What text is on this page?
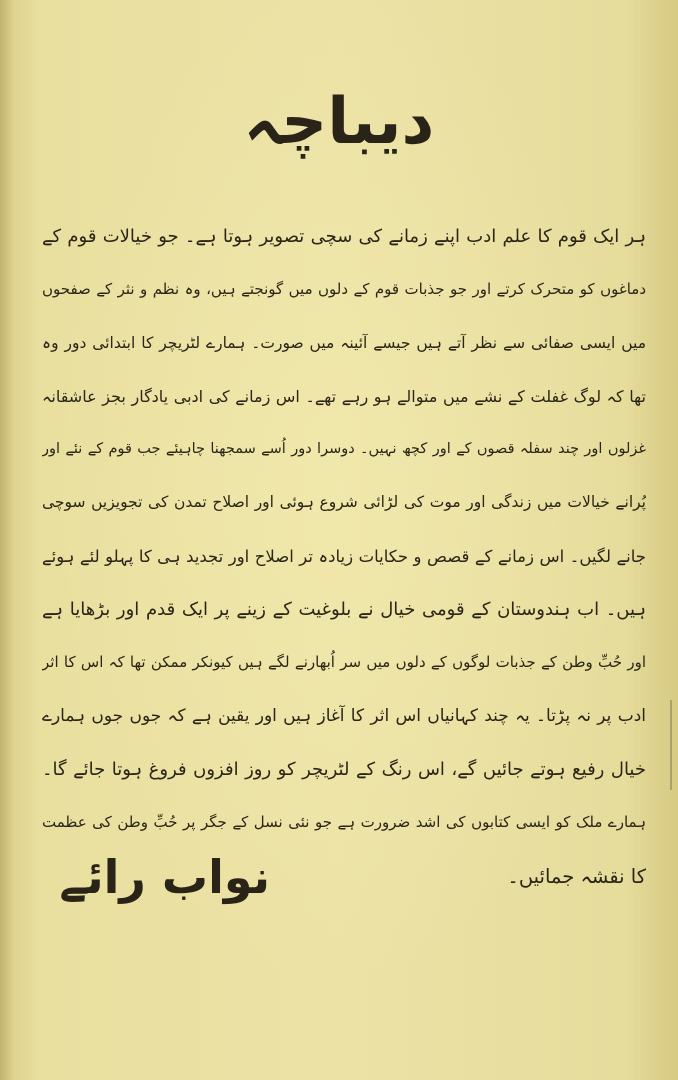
دیباچہ
ہر ایک قوم کا علم ادب اپنے زمانے کی سچی تصویر ہوتا ہے۔ جو خیالات قوم کے
دماغوں کو متحرک کرتے اور جو جذبات قوم کے دلوں میں گونجتے ہیں، وہ نظم و نثر کے صفحوں
میں ایسی صفائی سے نظر آتے ہیں جیسے آئینہ میں صورت۔ ہمارے لٹریچر کا ابتدائی دور وہ
تھا کہ لوگ غفلت کے نشے میں متوالے ہو رہے تھے۔ اس زمانے کی ادبی یادگار بجز عاشقانہ
غزلوں اور چند سفلہ قصوں کے اور کچھ نہیں۔ دوسرا دور اُسے سمجھنا چاہیئے جب قوم کے نئے اور
پُرانے خیالات میں زندگی اور موت کی لڑائی شروع ہوئی اور اصلاح تمدن کی تجویزیں سوچی
جانے لگیں۔ اس زمانے کے قصص و حکایات زیادہ تر اصلاح اور تجدید ہی کا پہلو لئے ہوئے
ہیں۔ اب ہندوستان کے قومی خیال نے بلوغیت کے زینے پر ایک قدم اور بڑھایا ہے
اور حُبِّ وطن کے جذبات لوگوں کے دلوں میں سر اُبھارنے لگے ہیں کیونکر ممکن تھا کہ اس کا اثر
ادب پر نہ پڑتا۔ یہ چند کہانیاں اس اثر کا آغاز ہیں اور یقین ہے کہ جوں جوں ہمارے
خیال رفیع ہوتے جائیں گے، اس رنگ کے لٹریچر کو روز افزوں فروغ ہوتا جائے گا۔
ہمارے ملک کو ایسی کتابوں کی اشد ضرورت ہے جو نئی نسل کے جگر پر حُبِّ وطن کی عظمت
کا نقشہ جمائیں۔
نواب رائے
